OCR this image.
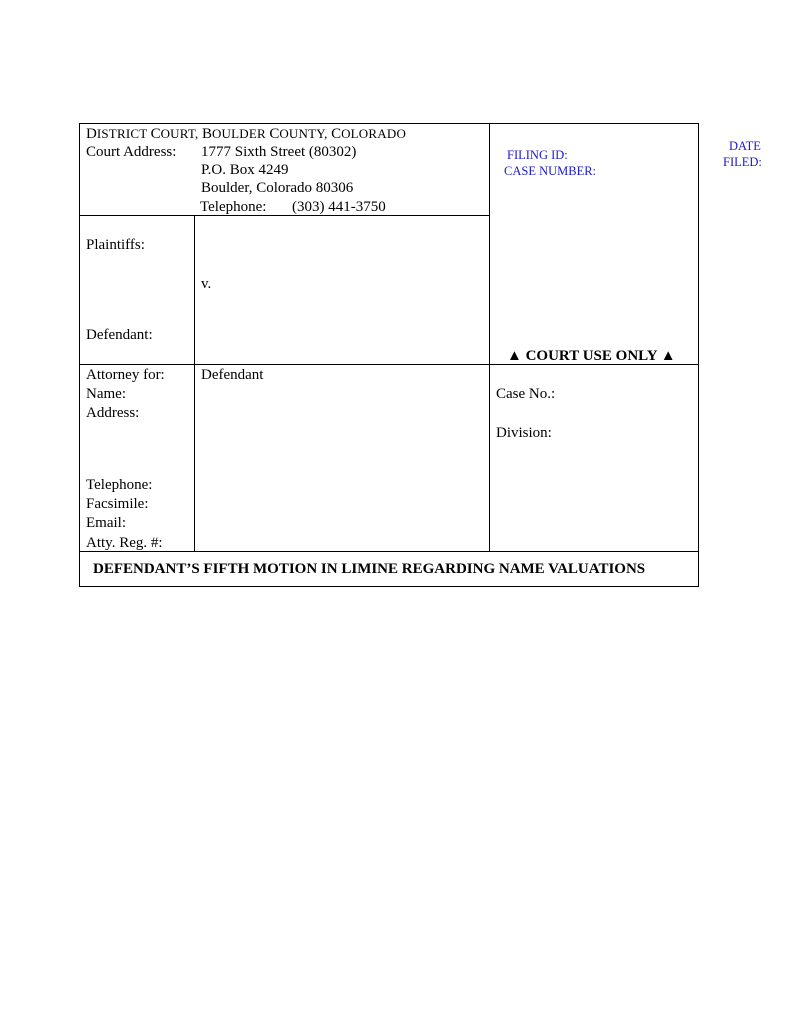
DISTRICT COURT, BOULDER COUNTY, COLORADO
Court Address: 1777 Sixth Street (80302)
P.O. Box 4249
Boulder, Colorado 80306
Telephone: (303) 441-3750
FILING ID:
CASE NUMBER:
DATE
FILED:
Plaintiffs:
v.
Defendant:
▲ COURT USE ONLY ▲
Attorney for: Defendant
Name:
Address:
Telephone:
Facsimile:
Email:
Atty. Reg. #:
Case No.:
Division:
DEFENDANT’S FIFTH MOTION IN LIMINE REGARDING NAME VALUATIONS
